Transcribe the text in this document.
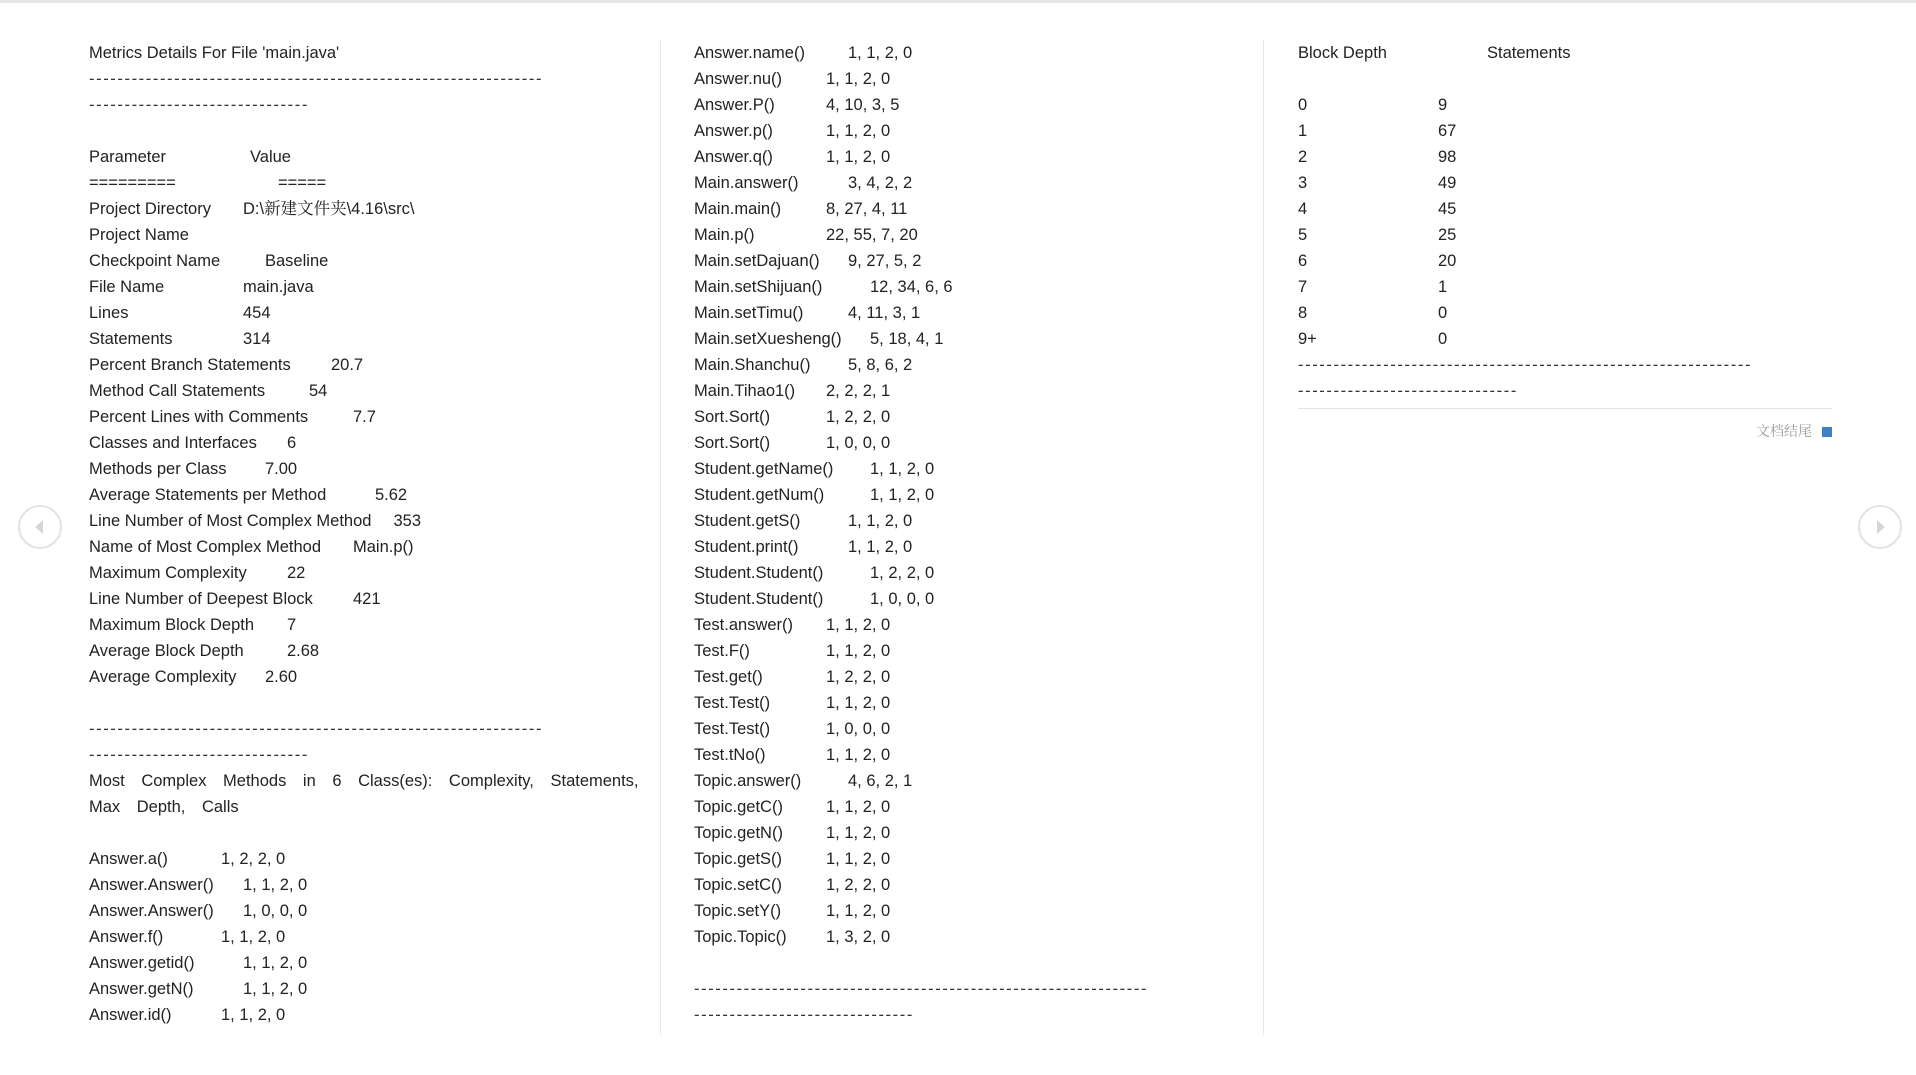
Metrics Details For File 'main.java'
----------------------------------------------------------------
-------------------------------
Parameter	Value
=========	=====
Project Directory D:\新建文件夹\4.16\src\
Project Name
Checkpoint Name	Baseline
File Name	main.java
Lines	454
Statements	314
Percent Branch Statements 20.7
Method Call Statements	54
Percent Lines with Comments	7.7
Classes and Interfaces 6
Methods per Class 7.00
Average Statements per Method	5.62
Line Number of Most Complex Method 353
Name of Most Complex Method Main.p()
Maximum Complexity 22
Line Number of Deepest Block 421
Maximum Block Depth 7
Average Block Depth	2.68
Average Complexity 2.60
----------------------------------------------------------------
-------------------------------
Most Complex Methods in 6 Class(es): Complexity, Statements, Max Depth, Calls
Answer.a()	1, 2, 2, 0
Answer.Answer() 1, 1, 2, 0
Answer.Answer() 1, 0, 0, 0
Answer.f()	1, 1, 2, 0
Answer.getid()	1, 1, 2, 0
Answer.getN()	1, 1, 2, 0
Answer.id()	1, 1, 2, 0
Answer.name()	1, 1, 2, 0
Answer.nu()	1, 1, 2, 0
Answer.P()	4, 10, 3, 5
Answer.p()	1, 1, 2, 0
Answer.q()	1, 1, 2, 0
Main.answer()	3, 4, 2, 2
Main.main()	8, 27, 4, 11
Main.p()	22, 55, 7, 20
Main.setDajuan() 9, 27, 5, 2
Main.setShijuan()	12, 34, 6, 6
Main.setTimu()	4, 11, 3, 1
Main.setXuesheng() 5, 18, 4, 1
Main.Shanchu() 5, 8, 6, 2
Main.Tihao1() 2, 2, 2, 1
Sort.Sort()	1, 2, 2, 0
Sort.Sort()	1, 0, 0, 0
Student.getName() 1, 1, 2, 0
Student.getNum()	1, 1, 2, 0
Student.getS()	1, 1, 2, 0
Student.print()	1, 1, 2, 0
Student.Student()	1, 2, 2, 0
Student.Student()	1, 0, 0, 0
Test.answer() 1, 1, 2, 0
Test.F()	1, 1, 2, 0
Test.get()	1, 2, 2, 0
Test.Test()	1, 1, 2, 0
Test.Test()	1, 0, 0, 0
Test.tNo()	1, 1, 2, 0
Topic.answer()	4, 6, 2, 1
Topic.getC()	1, 1, 2, 0
Topic.getN()	1, 1, 2, 0
Topic.getS()	1, 1, 2, 0
Topic.setC()	1, 2, 2, 0
Topic.setY()	1, 1, 2, 0
Topic.Topic() 1, 3, 2, 0
----------------------------------------------------------------
-------------------------------
Block Depth	Statements
0	9
1	67
2	98
3	49
4	45
5	25
6	20
7	1
8	0
9+	0
----------------------------------------------------------------
-------------------------------
文档结尾
